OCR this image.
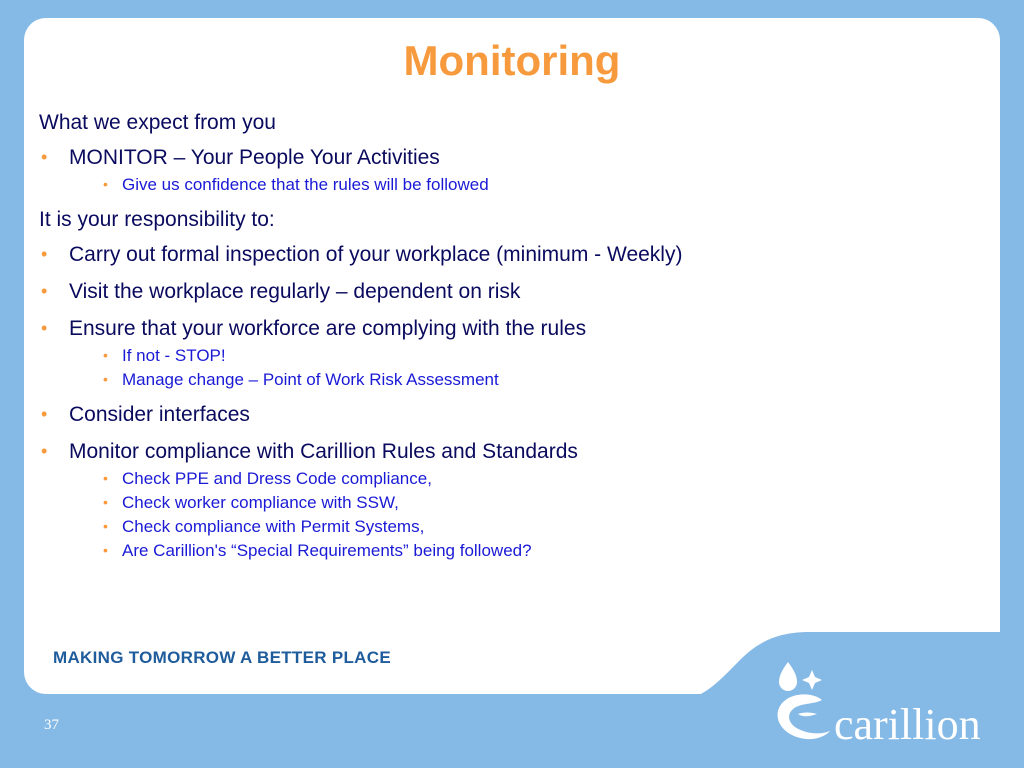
Monitoring

What we expect from you

• MONITOR – Your People Your Activities
• Give us confidence that the rules will be followed

It is your responsibility to:

• Carry out formal inspection of your workplace (minimum - Weekly)
• Visit the workplace regularly – dependent on risk
• Ensure that your workforce are complying with the rules
• If not - STOP!
• Manage change – Point of Work Risk Assessment
• Consider interfaces
• Monitor compliance with Carillion Rules and Standards
• Check PPE and Dress Code compliance,
• Check worker compliance with SSW,
• Check compliance with Permit Systems,
• Are Carillion's “Special Requirements” being followed?

MAKING TOMORROW A BETTER PLACE

37	carillion
